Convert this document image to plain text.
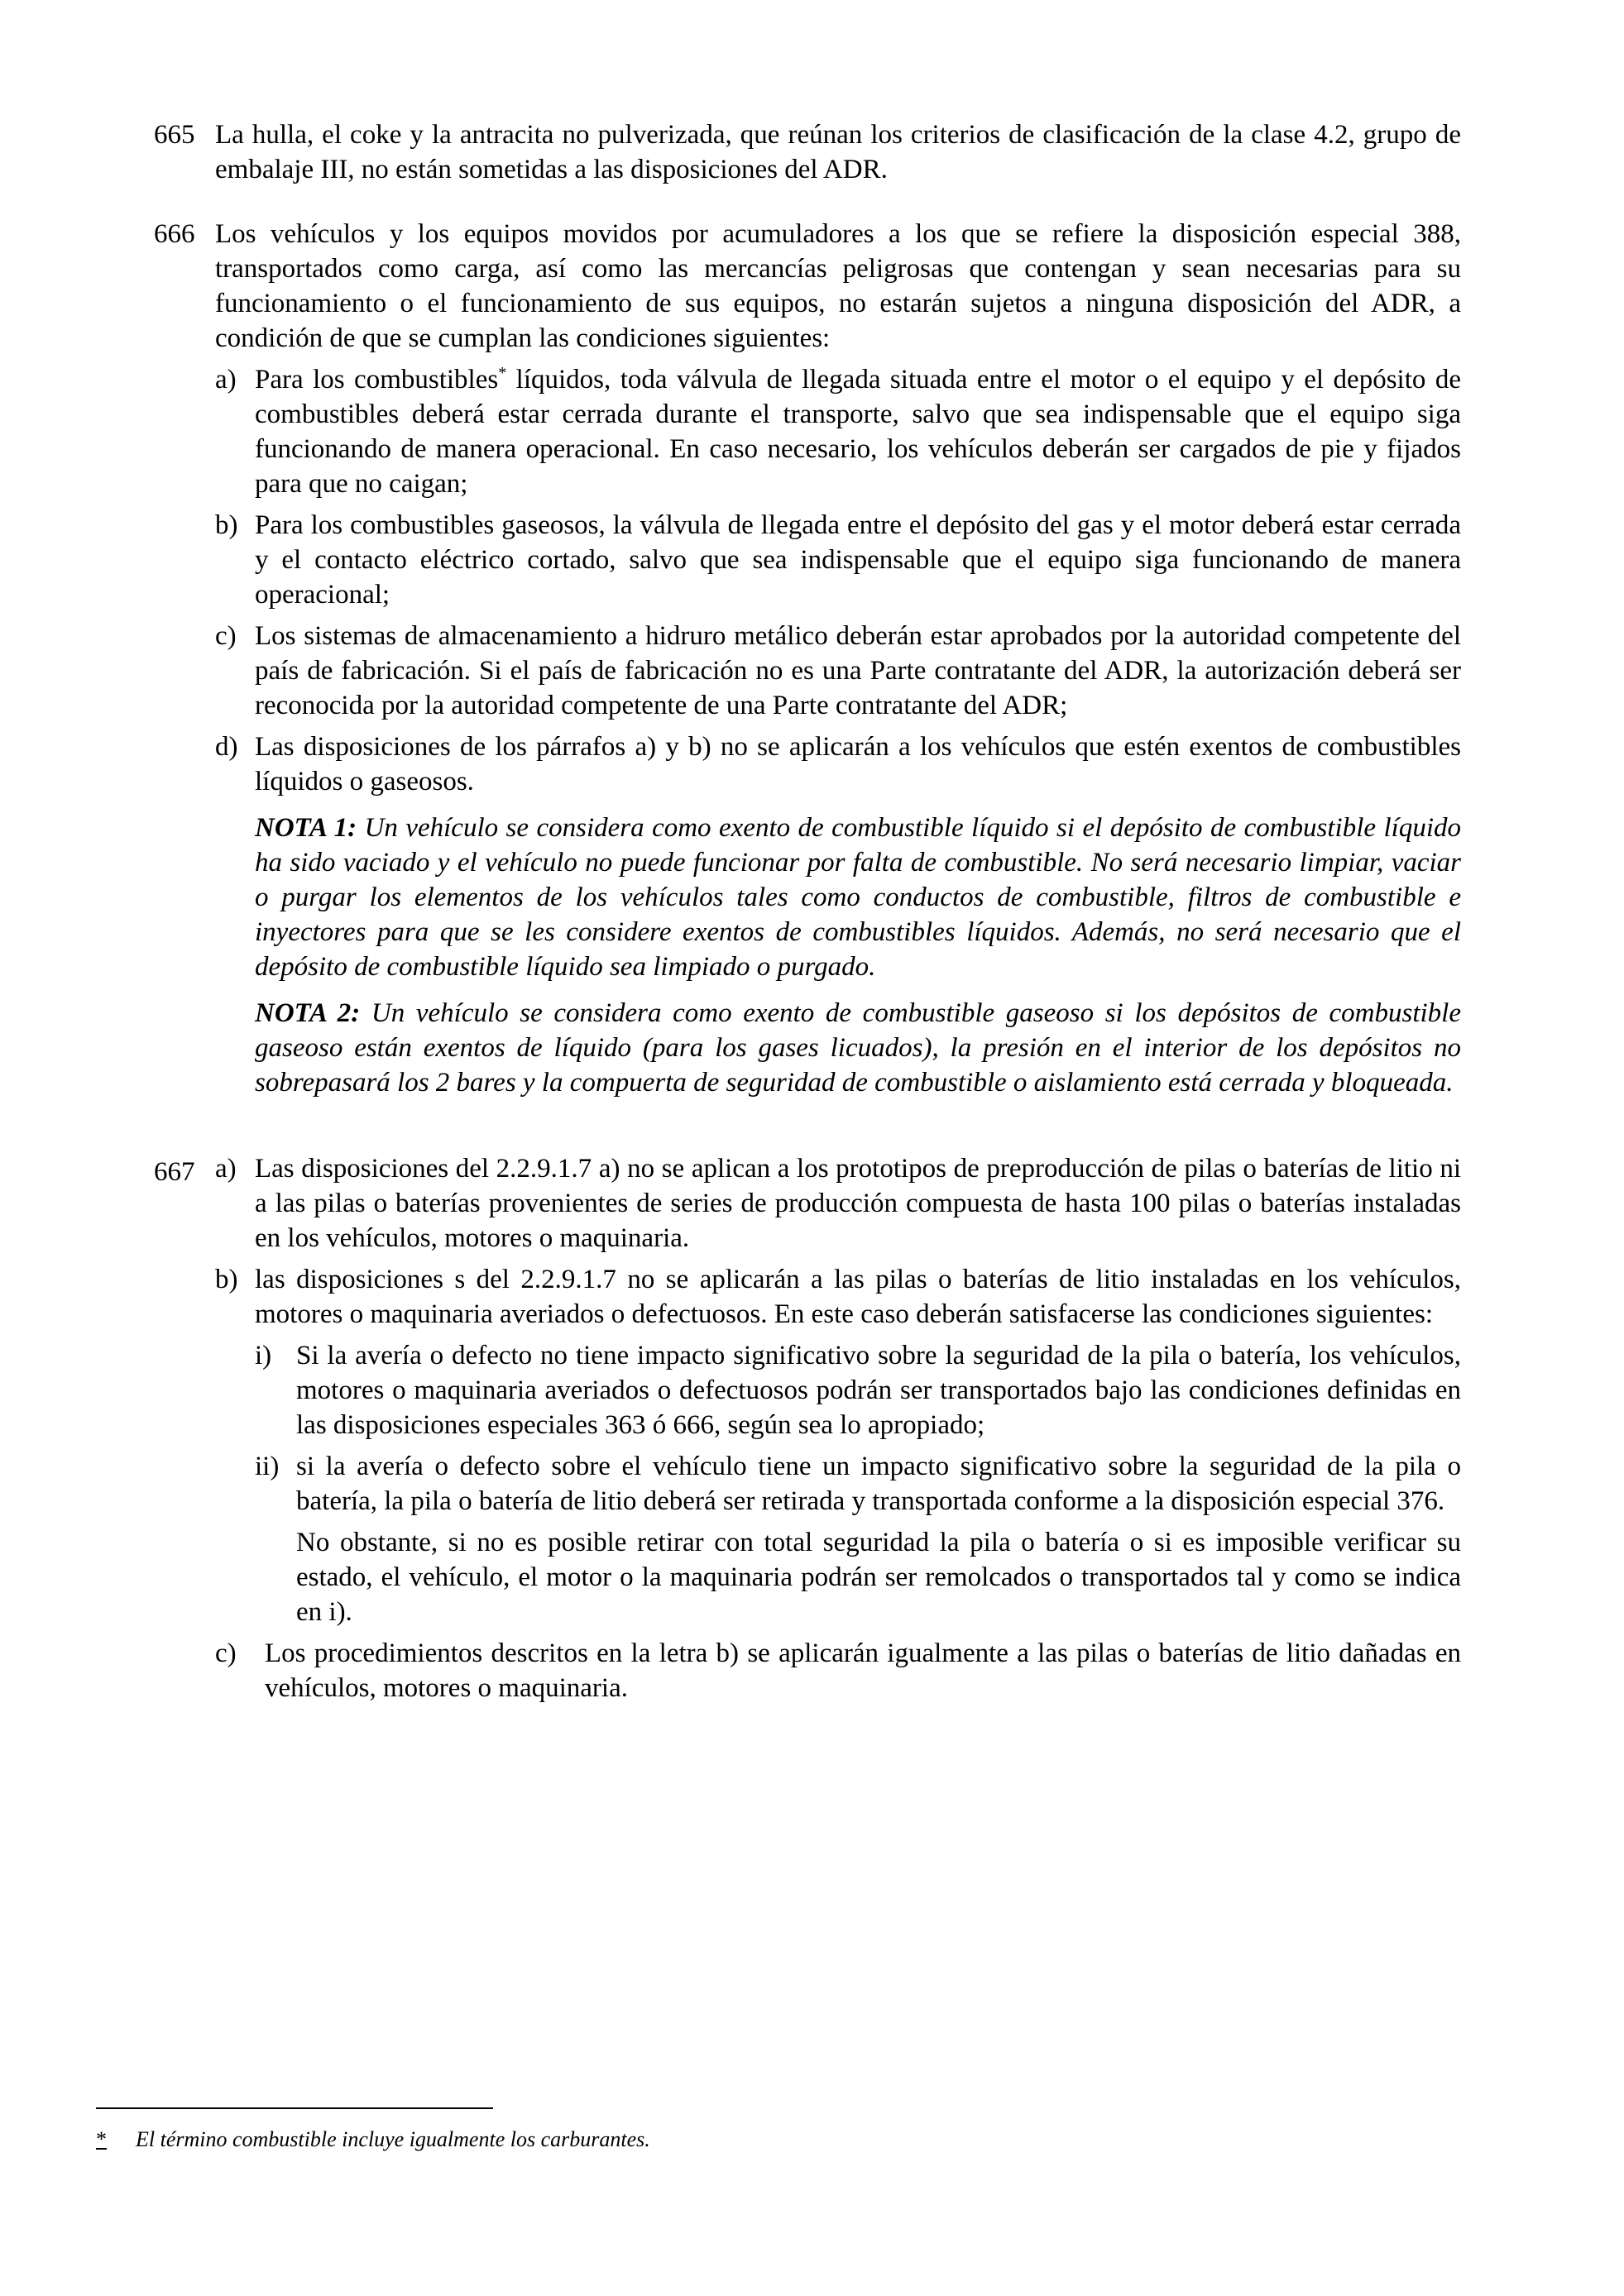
665 La hulla, el coke y la antracita no pulverizada, que reúnan los criterios de clasificación de la clase 4.2, grupo de embalaje III, no están sometidas a las disposiciones del ADR.
666 Los vehículos y los equipos movidos por acumuladores a los que se refiere la disposición especial 388, transportados como carga, así como las mercancías peligrosas que contengan y sean necesarias para su funcionamiento o el funcionamiento de sus equipos, no estarán sujetos a ninguna disposición del ADR, a condición de que se cumplan las condiciones siguientes:
a) Para los combustibles* líquidos, toda válvula de llegada situada entre el motor o el equipo y el depósito de combustibles deberá estar cerrada durante el transporte, salvo que sea indispensable que el equipo siga funcionando de manera operacional. En caso necesario, los vehículos deberán ser cargados de pie y fijados para que no caigan;
b) Para los combustibles gaseosos, la válvula de llegada entre el depósito del gas y el motor deberá estar cerrada y el contacto eléctrico cortado, salvo que sea indispensable que el equipo siga funcionando de manera operacional;
c) Los sistemas de almacenamiento a hidruro metálico deberán estar aprobados por la autoridad competente del país de fabricación. Si el país de fabricación no es una Parte contratante del ADR, la autorización deberá ser reconocida por la autoridad competente de una Parte contratante del ADR;
d) Las disposiciones de los párrafos a) y b) no se aplicarán a los vehículos que estén exentos de combustibles líquidos o gaseosos.
NOTA 1: Un vehículo se considera como exento de combustible líquido si el depósito de combustible líquido ha sido vaciado y el vehículo no puede funcionar por falta de combustible. No será necesario limpiar, vaciar o purgar los elementos de los vehículos tales como conductos de combustible, filtros de combustible e inyectores para que se les considere exentos de combustibles líquidos. Además, no será necesario que el depósito de combustible líquido sea limpiado o purgado.
NOTA 2: Un vehículo se considera como exento de combustible gaseoso si los depósitos de combustible gaseoso están exentos de líquido (para los gases licuados), la presión en el interior de los depósitos no sobrepasará los 2 bares y la compuerta de seguridad de combustible o aislamiento está cerrada y bloqueada.
667 a) Las disposiciones del 2.2.9.1.7 a) no se aplican a los prototipos de preproducción de pilas o baterías de litio ni a las pilas o baterías provenientes de series de producción compuesta de hasta 100 pilas o baterías instaladas en los vehículos, motores o maquinaria.
b) las disposiciones s del 2.2.9.1.7 no se aplicarán a las pilas o baterías de litio instaladas en los vehículos, motores o maquinaria averiados o defectuosos. En este caso deberán satisfacerse las condiciones siguientes:
i) Si la avería o defecto no tiene impacto significativo sobre la seguridad de la pila o batería, los vehículos, motores o maquinaria averiados o defectuosos podrán ser transportados bajo las condiciones definidas en las disposiciones especiales 363 ó 666, según sea lo apropiado;
ii) si la avería o defecto sobre el vehículo tiene un impacto significativo sobre la seguridad de la pila o batería, la pila o batería de litio deberá ser retirada y transportada conforme a la disposición especial 376.
No obstante, si no es posible retirar con total seguridad la pila o batería o si es imposible verificar su estado, el vehículo, el motor o la maquinaria podrán ser remolcados o transportados tal y como se indica en i).
c) Los procedimientos descritos en la letra b) se aplicarán igualmente a las pilas o baterías de litio dañadas en vehículos, motores o maquinaria.
* El término combustible incluye igualmente los carburantes.
